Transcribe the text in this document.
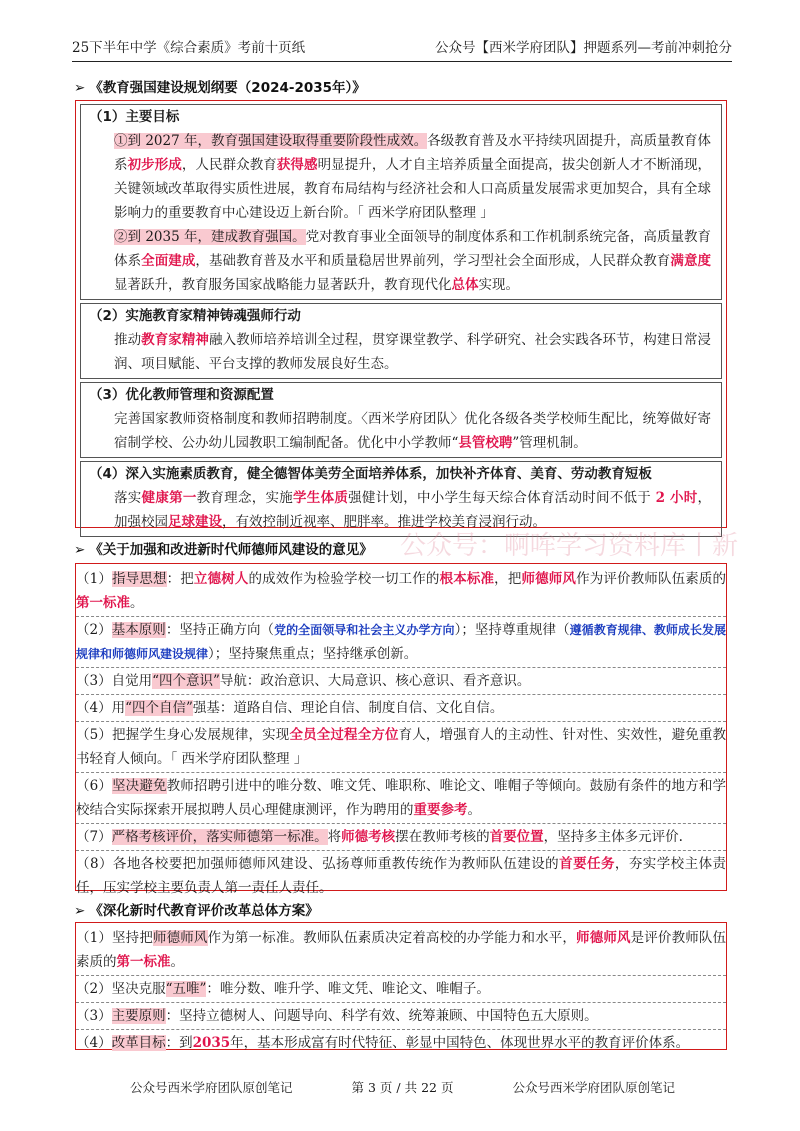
25下半年中学《综合素质》考前十页纸	公众号【西米学府团队】押题系列—考前冲刺抢分
➢ 《教育强国建设规划纲要（2024-2035年）》
（1）主要目标
①到 2027 年，教育强国建设取得重要阶段性成效。各级教育普及水平持续巩固提升，高质量教育体系初步形成，人民群众教育获得感明显提升，人才自主培养质量全面提高，拔尖创新人才不断涌现，关键领域改革取得实质性进展，教育布局结构与经济社会和人口高质量发展需求更加契合，具有全球影响力的重要教育中心建设迈上新台阶。「 西米学府团队整理 」
②到 2035 年，建成教育强国。党对教育事业全面领导的制度体系和工作机制系统完备，高质量教育体系全面建成，基础教育普及水平和质量稳居世界前列，学习型社会全面形成，人民群众教育满意度显著跃升，教育服务国家战略能力显著跃升，教育现代化总体实现。
（2）实施教育家精神铸魂强师行动
推动教育家精神融入教师培养培训全过程，贯穿课堂教学、科学研究、社会实践各环节，构建日常浸润、项目赋能、平台支撑的教师发展良好生态。
（3）优化教师管理和资源配置
完善国家教师资格制度和教师招聘制度。〈西米学府团队〉优化各级各类学校师生配比，统筹做好寄宿制学校、公办幼儿园教职工编制配备。优化中小学教师“县管校聘”管理机制。
（4）深入实施素质教育，健全德智体美劳全面培养体系，加快补齐体育、美育、劳动教育短板
落实健康第一教育理念，实施学生体质强健计划，中小学生每天综合体育活动时间不低于 2 小时，加强校园足球建设，有效控制近视率、肥胖率。推进学校美育浸润行动。
公众号：啊哞学习资料库丨新
➢ 《关于加强和改进新时代师德师风建设的意见》
（1）指导思想：把立德树人的成效作为检验学校一切工作的根本标准，把师德师风作为评价教师队伍素质的第一标准。
（2）基本原则：坚持正确方向（党的全面领导和社会主义办学方向）；坚持尊重规律（遵循教育规律、教师成长发展规律和师德师风建设规律）；坚持聚焦重点；坚持继承创新。
（3）自觉用“四个意识”导航：政治意识、大局意识、核心意识、看齐意识。
（4）用“四个自信”强基：道路自信、理论自信、制度自信、文化自信。
（5）把握学生身心发展规律，实现全员全过程全方位育人，增强育人的主动性、针对性、实效性，避免重教书轻育人倾向。「 西米学府团队整理 」
（6）坚决避免教师招聘引进中的唯分数、唯文凭、唯职称、唯论文、唯帽子等倾向。鼓励有条件的地方和学校结合实际探索开展拟聘人员心理健康测评，作为聘用的重要参考。
（7）严格考核评价，落实师德第一标准。将师德考核摆在教师考核的首要位置，坚持多主体多元评价.
（8）各地各校要把加强师德师风建设、弘扬尊师重教传统作为教师队伍建设的首要任务，夯实学校主体责任，压实学校主要负责人第一责任人责任。
➢ 《深化新时代教育评价改革总体方案》
（1）坚持把师德师风作为第一标准。教师队伍素质决定着高校的办学能力和水平，师德师风是评价教师队伍素质的第一标准。
（2）坚决克服“五唯”：唯分数、唯升学、唯文凭、唯论文、唯帽子。
（3）主要原则：坚持立德树人、问题导向、科学有效、统筹兼顾、中国特色五大原则。
（4）改革目标：到2035年，基本形成富有时代特征、彰显中国特色、体现世界水平的教育评价体系。
公众号西米学府团队原创笔记	第 3 页 / 共 22 页	公众号西米学府团队原创笔记
